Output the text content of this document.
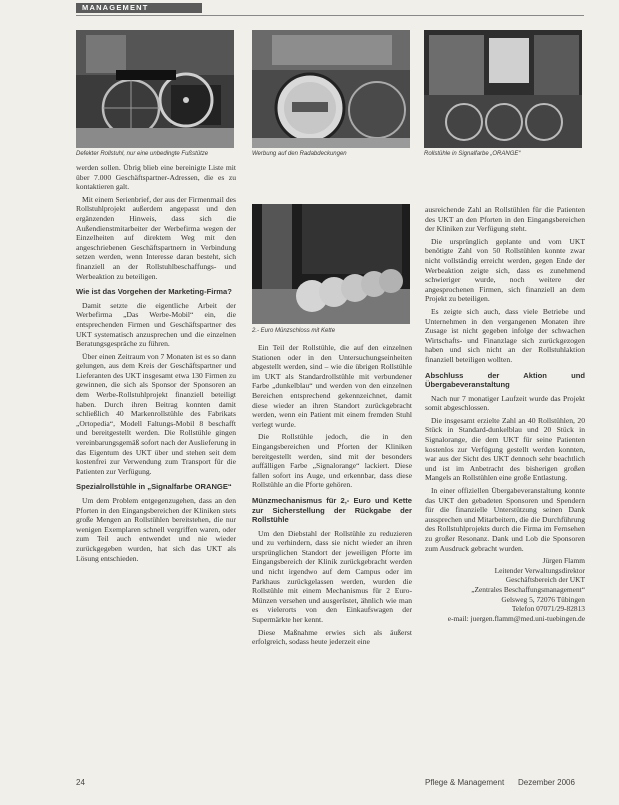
MANAGEMENT
Defekter Rollstuhl, nur eine unbedingte Fußstütze	Werbung auf den Radabdeckungen	Rollstühle in Signalfarbe „ORANGE“
2.- Euro Münzschloss mit Kette

werden sollen. Übrig blieb eine bereinigte Liste mit über 7.000 Geschäftspartner-Adressen, die es zu kontaktieren galt.

Mit einem Serienbrief, der aus der Firmenmail des Rollstuhlprojekt außerdem angepasst und den ergänzenden Hinweis, dass sich die Außendienstmitarbeiter der Werbefirma wegen der Einzelheiten auf direktem Weg mit den angeschriebenen Geschäftspartnern in Verbindung setzen werden, wenn Interesse daran besteht, sich finanziell an der Rollstuhlbeschaffungs- und Werbeaktion zu beteiligen.

Wie ist das Vorgehen der Marketing-Firma?

Damit setzte die eigentliche Arbeit der Werbefirma „Das Werbe-Mobil“ ein, die entsprechenden Firmen und Geschäftspartner des UKT systematisch anzusprechen und die einzelnen Beratungsgespräche zu führen.

Über einen Zeitraum von 7 Monaten ist es so dann gelungen, aus dem Kreis der Geschäftspartner und Lieferanten des UKT insgesamt etwa 130 Firmen zu gewinnen, die sich als Sponsor der Sponsoren an dem Werbe-Rollstuhlprojekt finanziell beteiligt haben. Durch ihren Beitrag konnten damit schließlich 40 Markenrollstühle des Fabrikats „Ortopedia“, Modell Faltungs-Mobil 8 beschafft und bereitgestellt werden. Die Rollstühle gingen vereinbarungsgemäß sofort nach der Auslieferung in das Eigentum des UKT über und stehen seit dem kostenfrei zur Verwendung zum Transport für die Patienten zur Verfügung.

Spezialrollstühle in „Signalfarbe ORANGE“

Um dem Problem entgegenzugehen, dass an den Pforten in den Eingangsbereichen der Kliniken stets große Mengen an Rollstühlen bereitstehen, die nur wenigen Exemplaren schnell vergriffen waren, oder zum Teil auch entwendet und nie wieder zurückgegeben wurden, hat sich das UKT als Lösung entschieden.

Ein Teil der Rollstühle, die auf den einzelnen Stationen oder in den Untersuchungseinheiten abgestellt werden, sind – wie die übrigen Rollstühle im UKT als Standardrollstühle mit verbundener Farbe „dunkelblau“ und werden von den einzelnen Bereichen entsprechend gekennzeichnet, damit diese wieder an ihren Standort zurückgebracht werden, wenn ein Patient mit einem fremden Stuhl verlegt wurde.

Die Rollstühle jedoch, die in den Eingangsbereichen und Pforten der Kliniken bereitgestellt werden, sind mit der besonders auffälligen Farbe „Signalorange“ lackiert. Diese fallen sofort ins Auge, und erkennbar, dass diese Rollstühle an die Pforte gehören.

Münzmechanismus für 2,- Euro und Kette zur Sicherstellung der Rückgabe der Rollstühle

Um den Diebstahl der Rollstühle zu reduzieren und zu verhindern, dass sie nicht wieder an ihren ursprünglichen Standort der jeweiligen Pforte im Eingangsbereich der Klinik zurückgebracht werden und nicht irgendwo auf dem Campus oder im Parkhaus zurückgelassen werden, wurden die Rollstühle mit einem Mechanismus für 2 Euro-Münzen versehen und ausgerüstet, ähnlich wie man es vielerorts von den Einkaufswagen der Supermärkte her kennt.

Diese Maßnahme erwies sich als äußerst erfolgreich, sodass heute jederzeit eine

ausreichende Zahl an Rollstühlen für die Patienten des UKT an den Pforten in den Eingangsbereichen der Kliniken zur Verfügung steht.

Die ursprünglich geplante und vom UKT benötigte Zahl von 50 Rollstühlen konnte zwar nicht vollständig erreicht werden, gegen Ende der Werbeaktion zeigte sich, dass es zunehmend schwieriger wurde, noch weitere der angesprochenen Firmen, sich finanziell an dem Projekt zu beteiligen.

Es zeigte sich auch, dass viele Betriebe und Unternehmen in den vergangenen Monaten ihre Zusage ist nicht gegeben infolge der schwachen Wirtschafts- und Finanzlage sich zurückgezogen haben und sich nicht an der Rollstuhlaktion finanziell beteiligen wollten.

Abschluss der Aktion und Übergabeveranstaltung

Nach nur 7 monatiger Laufzeit wurde das Projekt somit abgeschlossen.

Die insgesamt erzielte Zahl an 40 Rollstühlen, 20 Stück in Standard-dunkelblau und 20 Stück in Signalorange, die dem UKT für seine Patienten kostenlos zur Verfügung gestellt werden konnten, war aus der Sicht des UKT dennoch sehr beachtlich und ist im Anbetracht des bisherigen großen Mangels an Rollstühlen eine große Entlastung.

In einer offiziellen Übergabeveranstaltung konnte das UKT den gebadeten Sponsoren und Spendern für die finanzielle Unterstützung seinen Dank aussprechen und Mitarbeitern, die die Durchführung des Rollstuhlprojekts durch die Firma im Fernsehen zu großer Resonanz. Dank und Lob die Sponsoren zum Ausdruck gebracht wurden.

Jürgen Flamm
Leitender Verwaltungsdirektor
Geschäftsbereich der UKT
„Zentrales Beschaffungsmanagement“
Gelsweg 5, 72076 Tübingen
Telefon 07071/29-82813
e-mail: juergen.flamm@med.uni-tuebingen.de
24	Pflege & Management Dezember 2006
